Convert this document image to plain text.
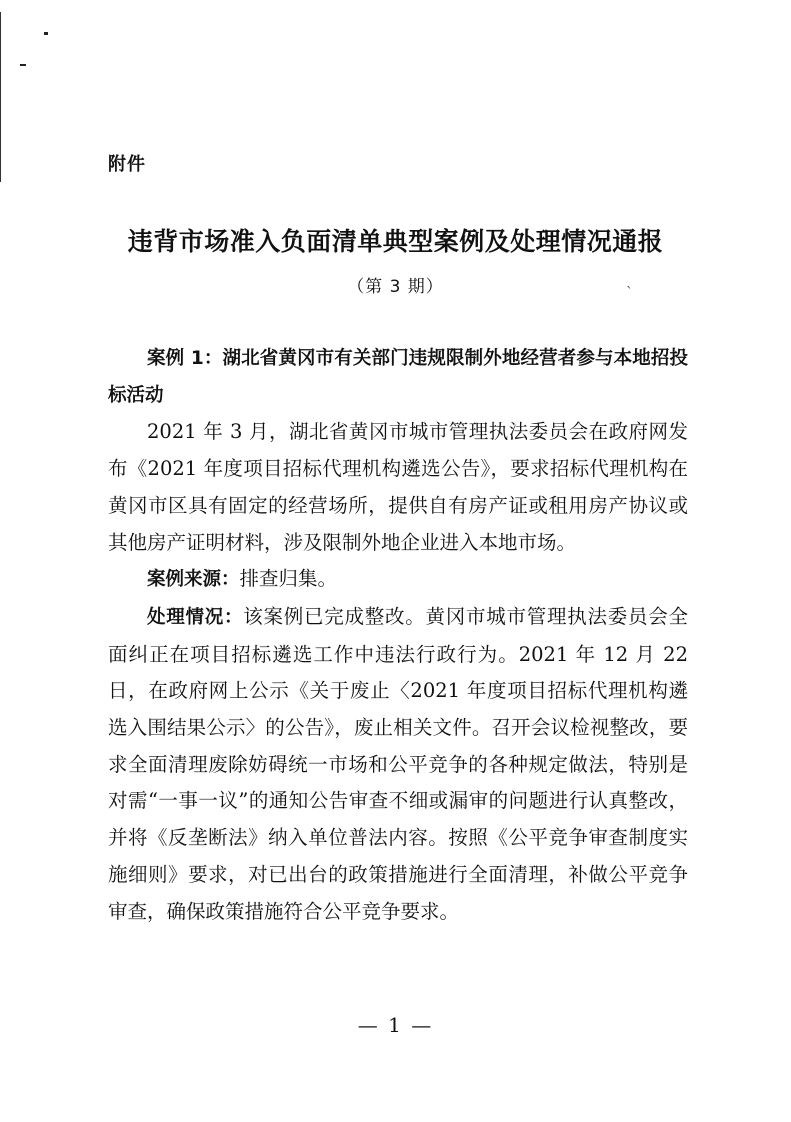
附件
违背市场准入负面清单典型案例及处理情况通报
（第 3 期）	ˋ

案例 1：湖北省黄冈市有关部门违规限制外地经营者参与本地招投标活动

2021 年 3 月，湖北省黄冈市城市管理执法委员会在政府网发布《2021 年度项目招标代理机构遴选公告》，要求招标代理机构在黄冈市区具有固定的经营场所，提供自有房产证或租用房产协议或其他房产证明材料，涉及限制外地企业进入本地市场。

案例来源：排查归集。

处理情况：该案例已完成整改。黄冈市城市管理执法委员会全面纠正在项目招标遴选工作中违法行政行为。2021 年 12 月 22 日，在政府网上公示《关于废止〈2021 年度项目招标代理机构遴选入围结果公示〉的公告》，废止相关文件。召开会议检视整改，要求全面清理废除妨碍统一市场和公平竞争的各种规定做法，特别是对需“一事一议”的通知公告审查不细或漏审的问题进行认真整改，并将《反垄断法》纳入单位普法内容。按照《公平竞争审查制度实施细则》要求，对已出台的政策措施进行全面清理，补做公平竞争审查，确保政策措施符合公平竞争要求。

— 1 —
